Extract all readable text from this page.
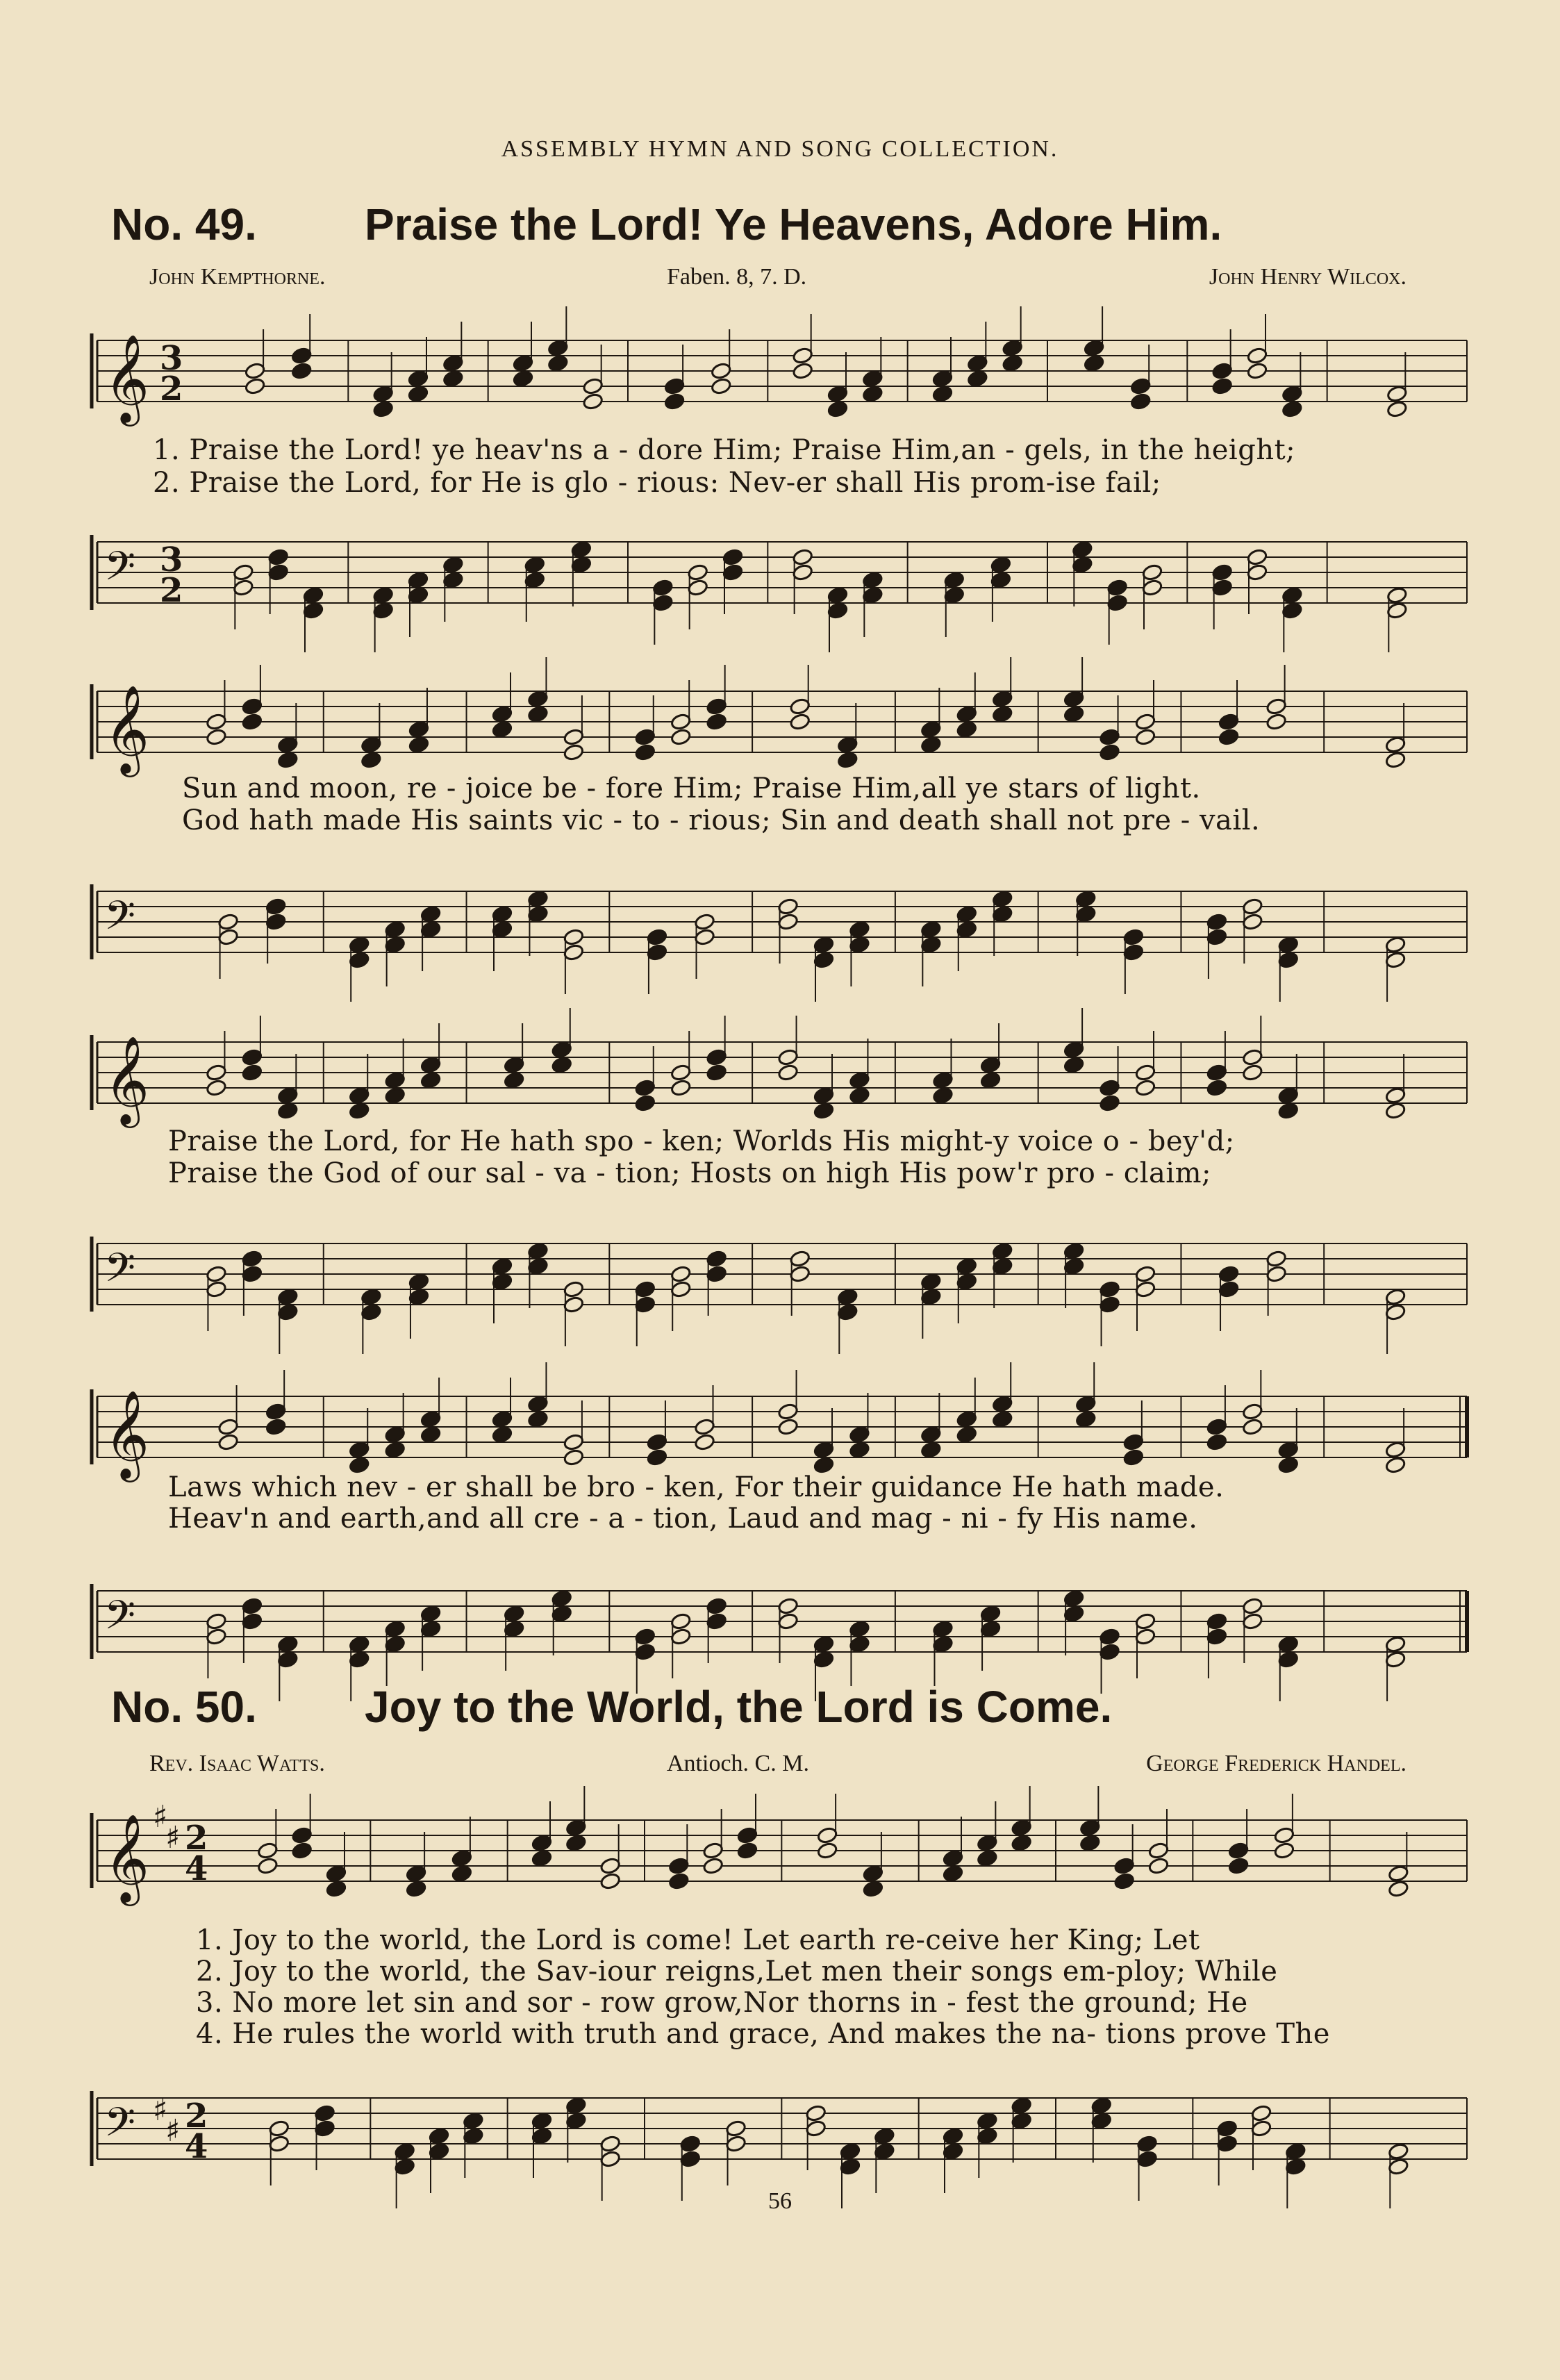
ASSEMBLY HYMN AND SONG COLLECTION.
No. 49. Praise the Lord! Ye Heavens, Adore Him.
John Kempthorne.	Faben. 8, 7. D.	John Henry Wilcox.
𝄞 3
2
1. Praise the Lord! ye heav'ns a - dore Him; Praise Him,an - gels, in the height;
2. Praise the Lord, for He is glo - rious: Nev-er shall His prom-ise fail;
𝄢 3
2
𝄞
Sun and moon, re - joice be - fore Him; Praise Him,all ye stars of light.
God hath made His saints vic - to - rious; Sin and death shall not pre - vail.
𝄢
𝄞
Praise the Lord, for He hath spo - ken; Worlds His might-y voice o - bey'd;
Praise the God of our sal - va - tion; Hosts on high His pow'r pro - claim;
𝄢
𝄞
Laws which nev - er shall be bro - ken, For their guidance He hath made.
Heav'n and earth,and all cre - a - tion, Laud and mag - ni - fy His name.
𝄢
No. 50. Joy to the World, the Lord is Come.
Rev. Isaac Watts.	Antioch. C. M.	George Frederick Handel.
𝄞 ♯
♯ 2
4
1. Joy to the world, the Lord is come! Let earth re-ceive her King; Let
2. Joy to the world, the Sav-iour reigns,Let men their songs em-ploy; While
3. No more let sin and sor - row grow,Nor thorns in - fest the ground; He
4. He rules the world with truth and grace, And makes the na- tions prove The
𝄢 ♯
♯ 2
4
56
